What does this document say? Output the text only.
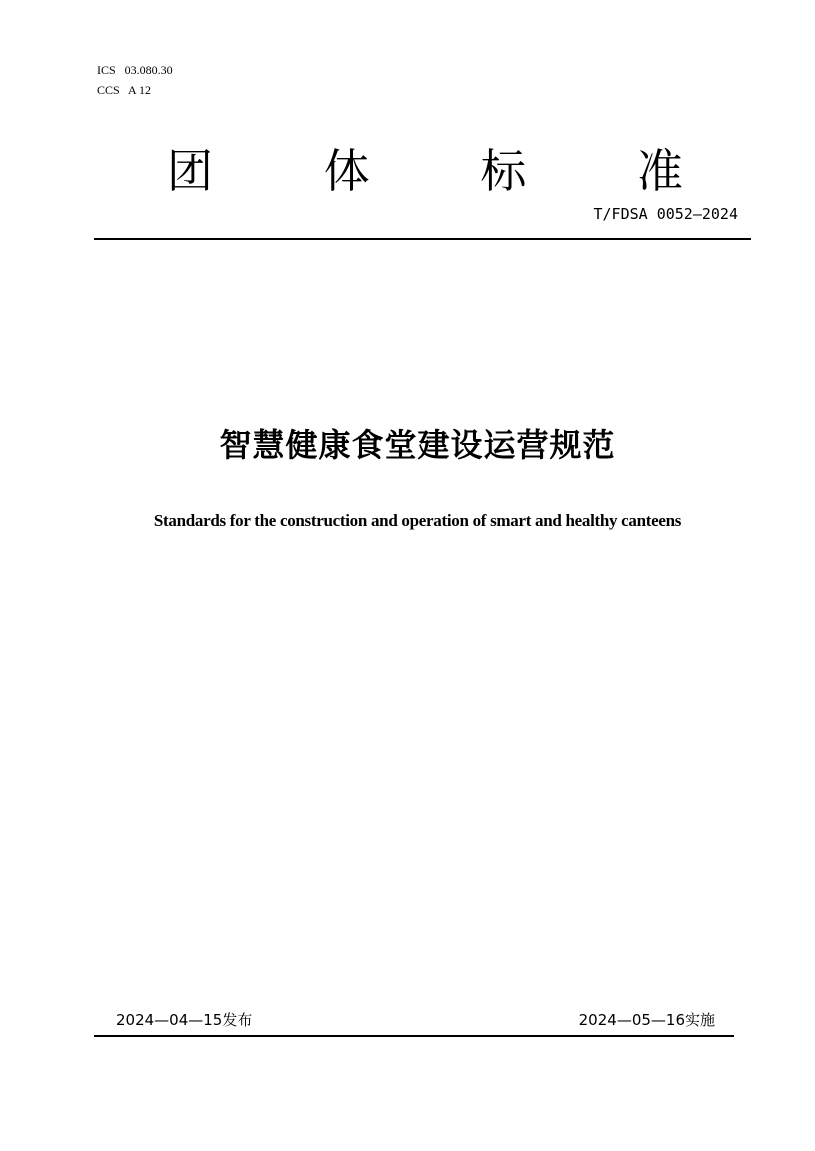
ICS   03.080.30
CCS   A 12
团 体 标 准
T/FDSA 0052—2024
智慧健康食堂建设运营规范
Standards for the construction and operation of smart and healthy canteens
2024—04—15发布	2024—05—16实施
